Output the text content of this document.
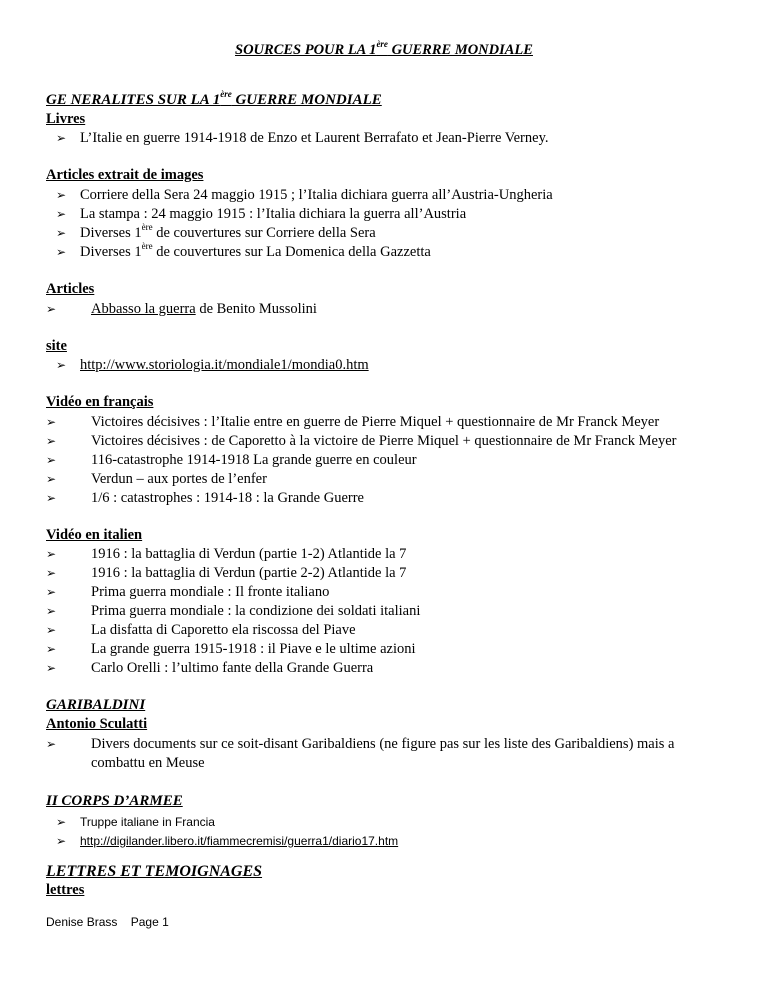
SOURCES POUR LA 1ère GUERRE MONDIALE
GE NERALITES SUR LA 1ère GUERRE MONDIALE
Livres
➢ L’Italie en guerre 1914-1918 de Enzo et Laurent Berrafato et Jean-Pierre Verney.
Articles extrait de images
➢ Corriere della Sera 24 maggio 1915 ; l’Italia dichiara guerra all’Austria-Ungheria
➢ La stampa : 24 maggio 1915 : l’Italia dichiara la guerra all’Austria
➢ Diverses 1ère de couvertures sur Corriere della Sera
➢ Diverses 1ère de couvertures sur La Domenica della Gazzetta
Articles
➢ Abbasso la guerra de Benito Mussolini
site
➢ http://www.storiologia.it/mondiale1/mondia0.htm
Vidéo en français
➢ Victoires décisives : l’Italie entre en guerre de Pierre Miquel + questionnaire de Mr Franck Meyer
➢ Victoires décisives : de Caporetto à la victoire de Pierre Miquel + questionnaire de Mr Franck Meyer
➢ 116-catastrophe 1914-1918 La grande guerre en couleur
➢ Verdun – aux portes de l’enfer
➢ 1/6 : catastrophes : 1914-18 : la Grande Guerre
Vidéo en italien
➢ 1916 : la battaglia di Verdun (partie 1-2) Atlantide la 7
➢ 1916 : la battaglia di Verdun (partie 2-2) Atlantide la 7
➢ Prima guerra mondiale : Il fronte italiano
➢ Prima guerra mondiale : la condizione dei soldati italiani
➢ La disfatta di Caporetto ela riscossa del Piave
➢ La grande guerra 1915-1918 : il Piave e le ultime azioni
➢ Carlo Orelli : l’ultimo fante della Grande Guerra
GARIBALDINI
Antonio Sculatti
➢ Divers documents sur ce soit-disant Garibaldiens (ne figure pas sur les liste des Garibaldiens) mais a combattu en Meuse
II CORPS D’ARMEE
➢ Truppe italiane in Francia
➢ http://digilander.libero.it/fiammecremisi/guerra1/diario17.htm
LETTRES ET TEMOIGNAGES
lettres
Denise Brass Page 1
